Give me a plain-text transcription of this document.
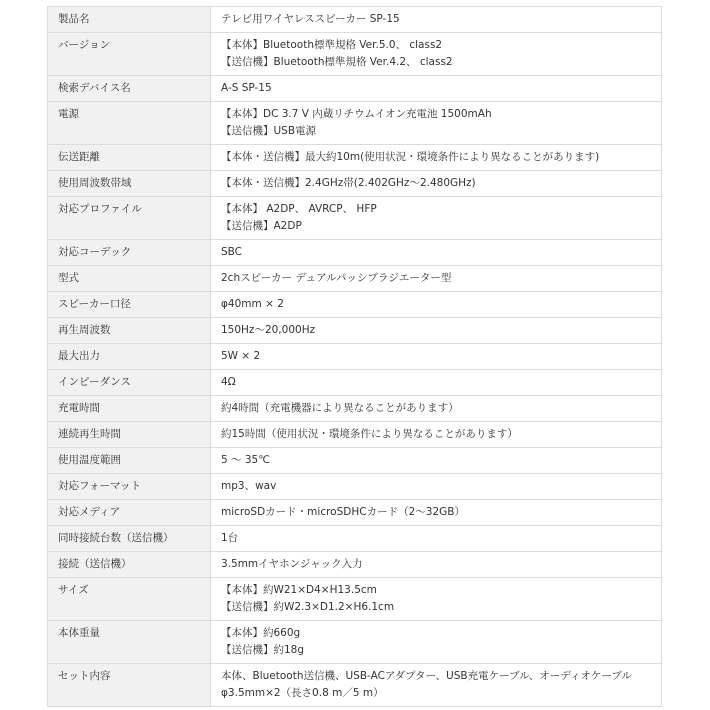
製品名	テレビ用ワイヤレススピーカー SP-15

バージョン	【本体】Bluetooth標準規格 Ver.5.0、 class2
【送信機】Bluetooth標準規格 Ver.4.2、 class2

検索デバイス名	A-S SP-15

電源	【本体】DC 3.7 V 内蔵リチウムイオン充電池 1500mAh
【送信機】USB電源

伝送距離	【本体・送信機】最大約10m(使用状況・環境条件により異なることがあります)

使用周波数帯域	【本体・送信機】2.4GHz帯(2.402GHz～2.480GHz)

対応プロファイル	【本体】 A2DP、 AVRCP、 HFP
【送信機】A2DP

対応コーデック	SBC

型式	2chスピーカー デュアルパッシブラジエーター型

スピーカー口径	φ40mm × 2

再生周波数	150Hz～20,000Hz

最大出力	5W × 2

インピーダンス	4Ω

充電時間	約4時間（充電機器により異なることがあります）

連続再生時間	約15時間（使用状況・環境条件により異なることがあります）

使用温度範囲	5 ～ 35℃

対応フォーマット	mp3、wav

対応メディア	microSDカード・microSDHCカード（2～32GB）

同時接続台数（送信機）	1台

接続（送信機）	3.5mmイヤホンジャック入力

サイズ	【本体】約W21×D4×H13.5cm
【送信機】約W2.3×D1.2×H6.1cm

本体重量	【本体】約660g
【送信機】約18g

セット内容	本体、Bluetooth送信機、USB-ACアダプター、USB充電ケーブル、オーディオケーブル φ3.5mm×2（長さ0.8 m／5 m）
